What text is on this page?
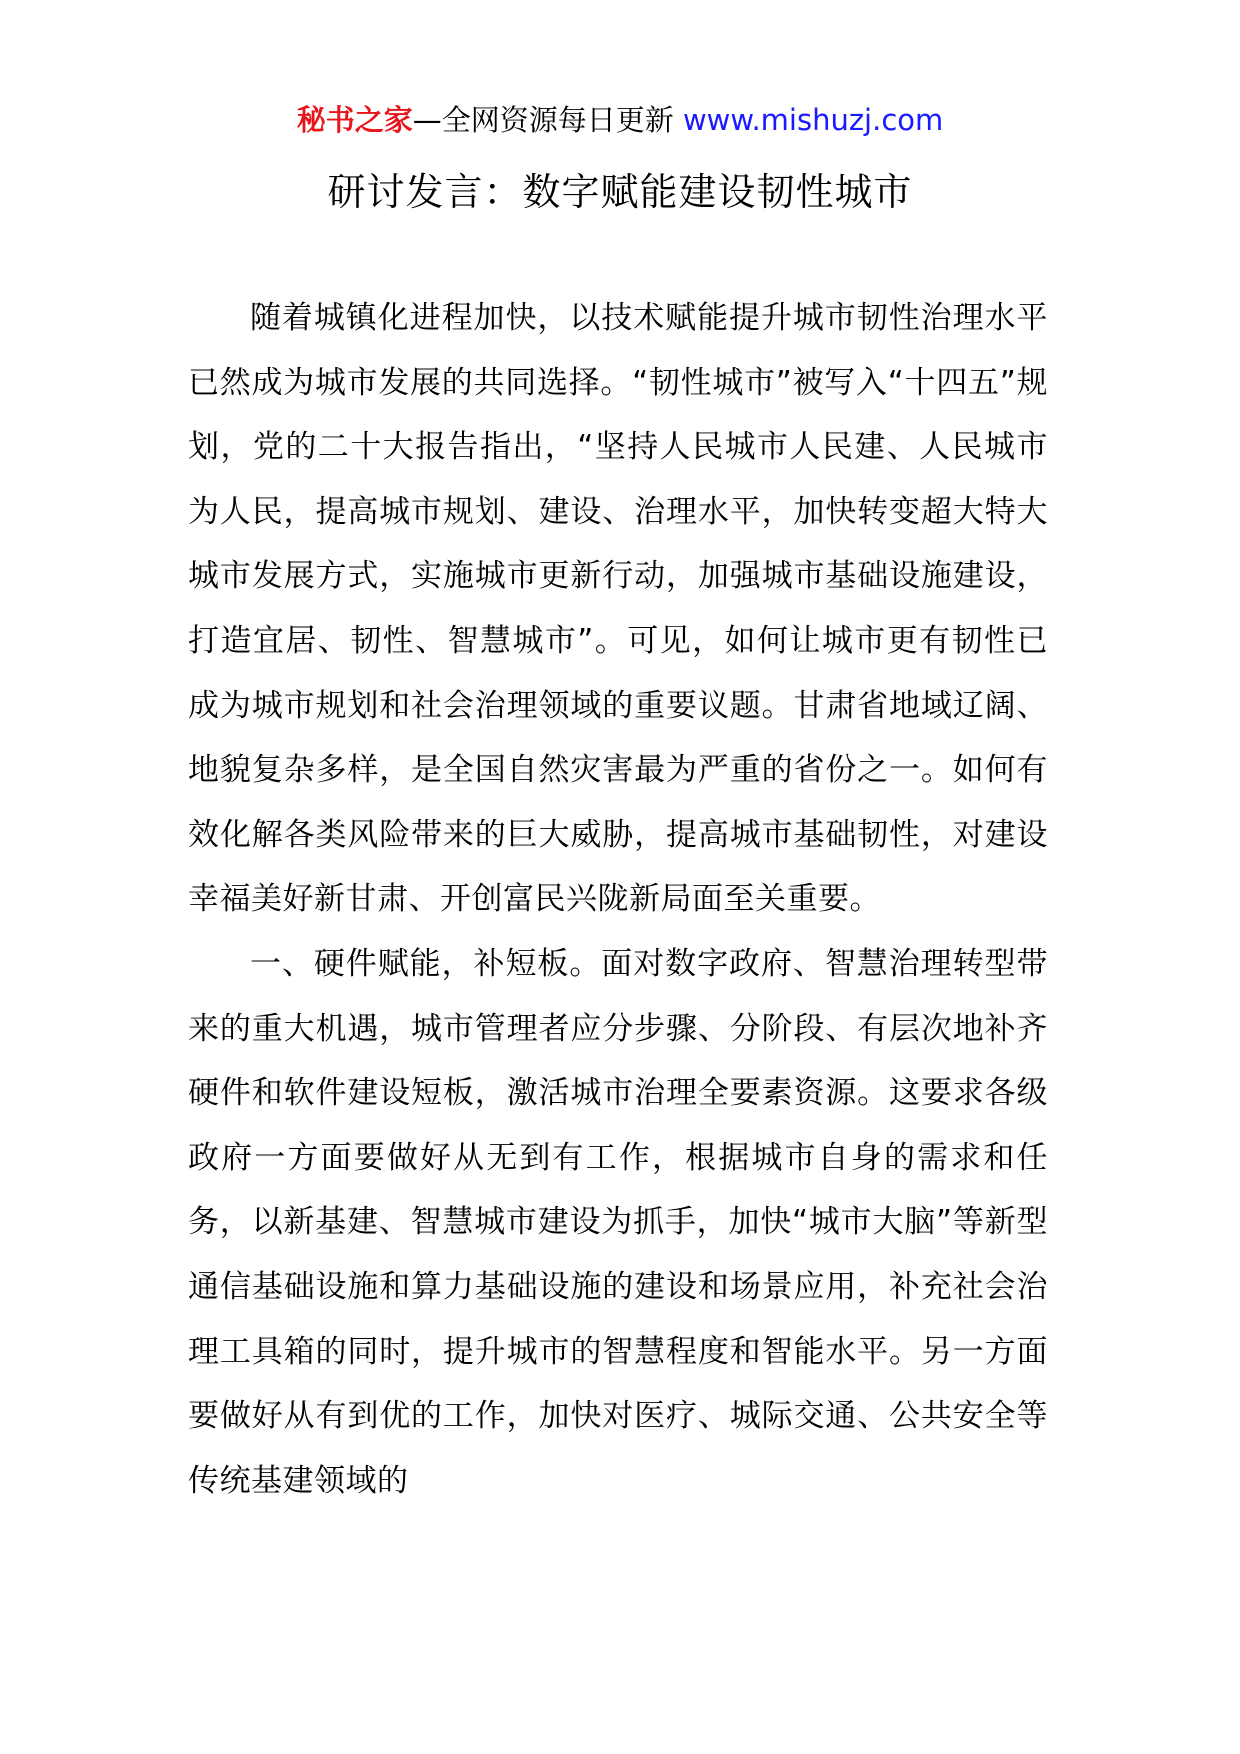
秘书之家—全网资源每日更新 www.mishuzj.com
研讨发言：数字赋能建设韧性城市

随着城镇化进程加快，以技术赋能提升城市韧性治理水平已然成为城市发展的共同选择。“韧性城市”被写入“十四五”规划，党的二十大报告指出，“坚持人民城市人民建、人民城市为人民，提高城市规划、建设、治理水平，加快转变超大特大城市发展方式，实施城市更新行动，加强城市基础设施建设，打造宜居、韧性、智慧城市”。可见，如何让城市更有韧性已成为城市规划和社会治理领域的重要议题。甘肃省地域辽阔、地貌复杂多样，是全国自然灾害最为严重的省份之一。如何有效化解各类风险带来的巨大威胁，提高城市基础韧性，对建设幸福美好新甘肃、开创富民兴陇新局面至关重要。

一、硬件赋能，补短板。面对数字政府、智慧治理转型带来的重大机遇，城市管理者应分步骤、分阶段、有层次地补齐硬件和软件建设短板，激活城市治理全要素资源。这要求各级政府一方面要做好从无到有工作，根据城市自身的需求和任务，以新基建、智慧城市建设为抓手，加快“城市大脑”等新型通信基础设施和算力基础设施的建设和场景应用，补充社会治理工具箱的同时，提升城市的智慧程度和智能水平。另一方面要做好从有到优的工作，加快对医疗、城际交通、公共安全等传统基建领域的
